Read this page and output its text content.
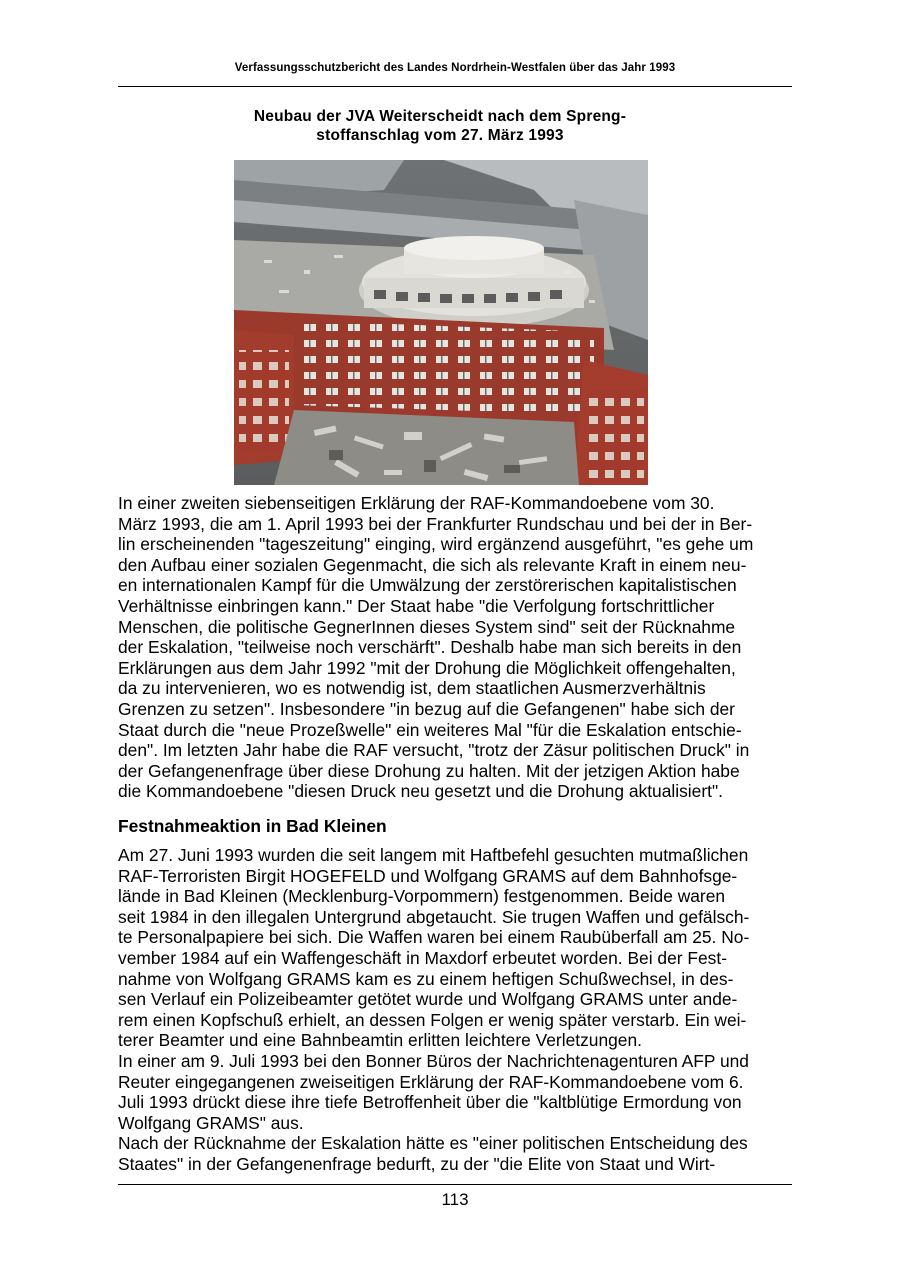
Verfassungsschutzbericht des Landes Nordrhein-Westfalen über das Jahr 1993
Neubau der JVA Weiterscheidt nach dem Spreng-
stoffanschlag vom 27. März 1993
In einer zweiten siebenseitigen Erklärung der RAF-Kommandoebene vom 30.
März 1993, die am 1. April 1993 bei der Frankfurter Rundschau und bei der in Ber-
lin erscheinenden "tageszeitung" einging, wird ergänzend ausgeführt, "es gehe um
den Aufbau einer sozialen Gegenmacht, die sich als relevante Kraft in einem neu-
en internationalen Kampf für die Umwälzung der zerstörerischen kapitalistischen
Verhältnisse einbringen kann." Der Staat habe "die Verfolgung fortschrittlicher
Menschen, die politische GegnerInnen dieses System sind" seit der Rücknahme
der Eskalation, "teilweise noch verschärft". Deshalb habe man sich bereits in den
Erklärungen aus dem Jahr 1992 "mit der Drohung die Möglichkeit offengehalten,
da zu intervenieren, wo es notwendig ist, dem staatlichen Ausmerzverhältnis
Grenzen zu setzen". Insbesondere "in bezug auf die Gefangenen" habe sich der
Staat durch die "neue Prozeßwelle" ein weiteres Mal "für die Eskalation entschie-
den". Im letzten Jahr habe die RAF versucht, "trotz der Zäsur politischen Druck" in
der Gefangenenfrage über diese Drohung zu halten. Mit der jetzigen Aktion habe
die Kommandoebene "diesen Druck neu gesetzt und die Drohung aktualisiert".
Festnahmeaktion in Bad Kleinen
Am 27. Juni 1993 wurden die seit langem mit Haftbefehl gesuchten mutmaßlichen
RAF-Terroristen Birgit HOGEFELD und Wolfgang GRAMS auf dem Bahnhofsge-
lände in Bad Kleinen (Mecklenburg-Vorpommern) festgenommen. Beide waren
seit 1984 in den illegalen Untergrund abgetaucht. Sie trugen Waffen und gefälsch-
te Personalpapiere bei sich. Die Waffen waren bei einem Raubüberfall am 25. No-
vember 1984 auf ein Waffengeschäft in Maxdorf erbeutet worden. Bei der Fest-
nahme von Wolfgang GRAMS kam es zu einem heftigen Schußwechsel, in des-
sen Verlauf ein Polizeibeamter getötet wurde und Wolfgang GRAMS unter ande-
rem einen Kopfschuß erhielt, an dessen Folgen er wenig später verstarb. Ein wei-
terer Beamter und eine Bahnbeamtin erlitten leichtere Verletzungen.
In einer am 9. Juli 1993 bei den Bonner Büros der Nachrichtenagenturen AFP und
Reuter eingegangenen zweiseitigen Erklärung der RAF-Kommandoebene vom 6.
Juli 1993 drückt diese ihre tiefe Betroffenheit über die "kaltblütige Ermordung von
Wolfgang GRAMS" aus.
Nach der Rücknahme der Eskalation hätte es "einer politischen Entscheidung des
Staates" in der Gefangenenfrage bedurft, zu der "die Elite von Staat und Wirt-
113
